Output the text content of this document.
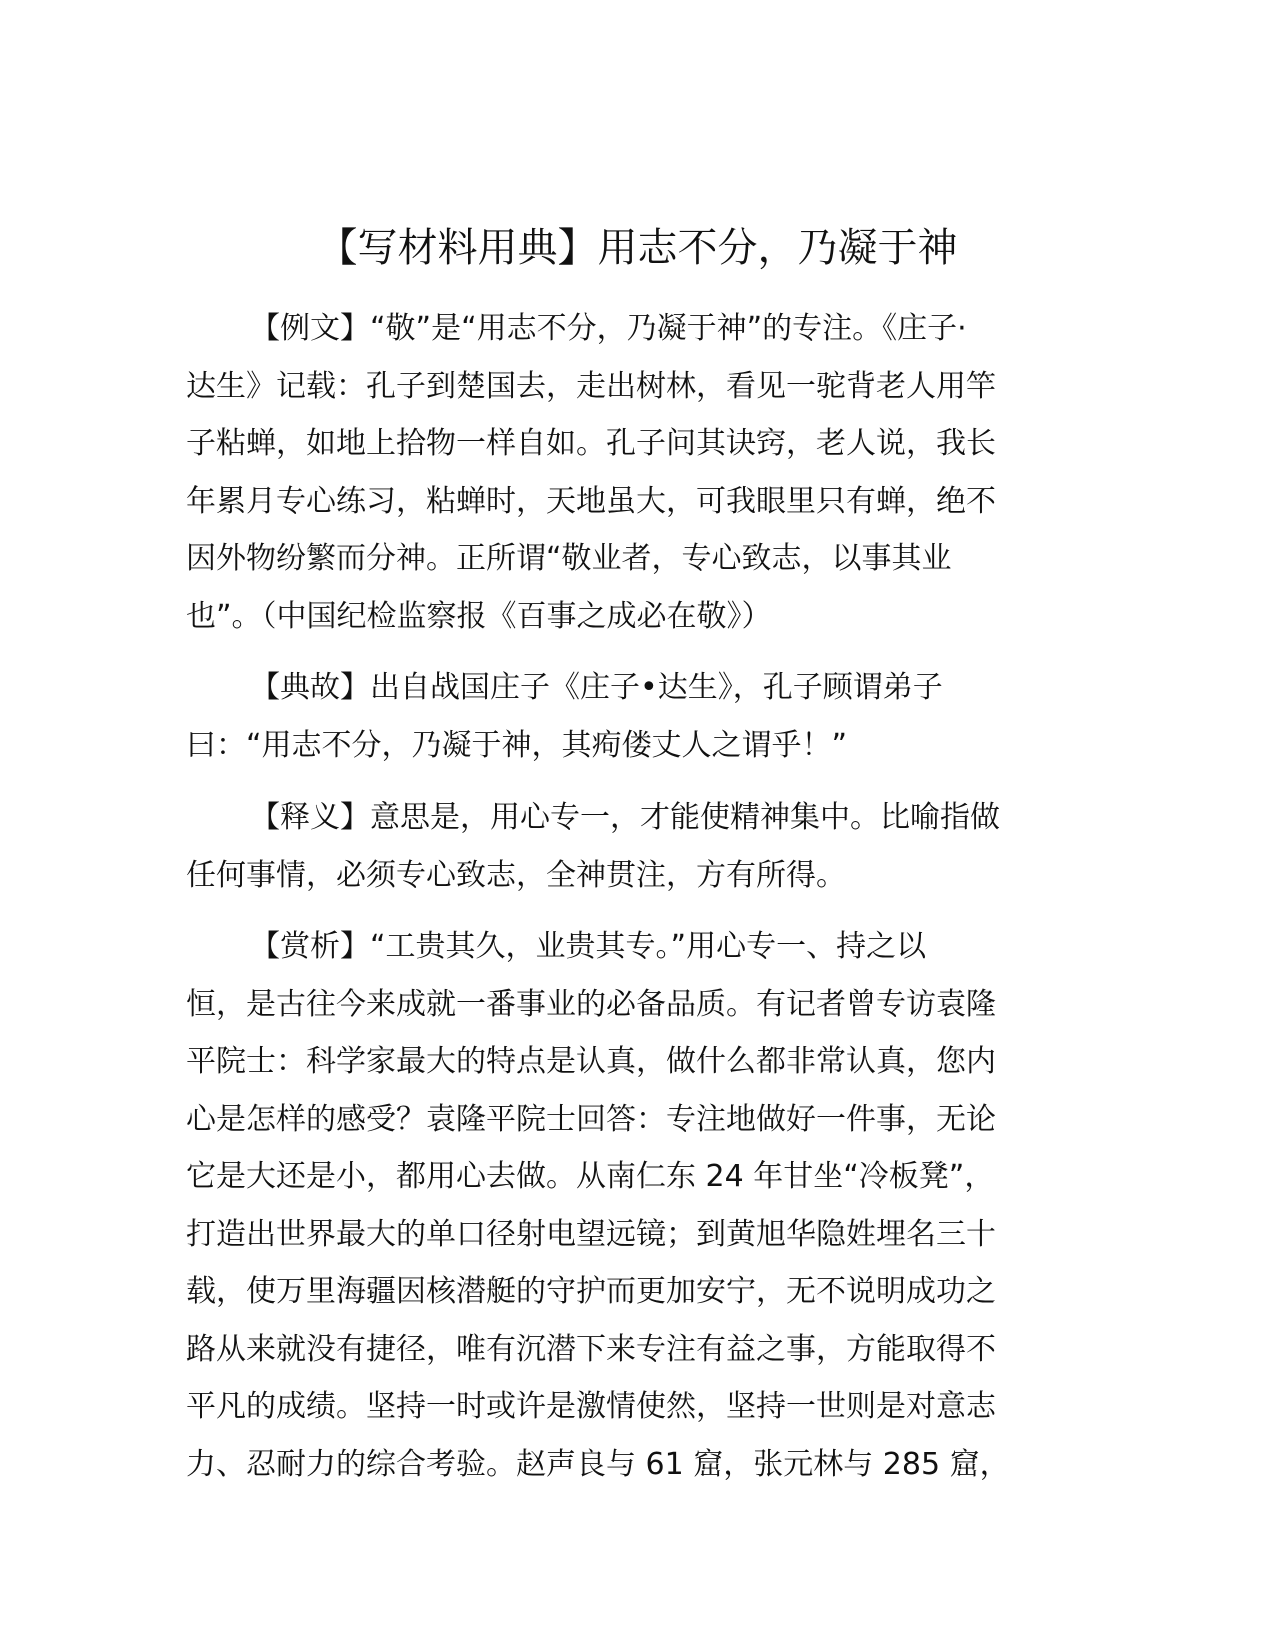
【写材料用典】用志不分，乃凝于神
【例文】“敬”是“用志不分，乃凝于神”的专注。《庄子·
达生》记载：孔子到楚国去，走出树林，看见一驼背老人用竿
子粘蝉，如地上拾物一样自如。孔子问其诀窍，老人说，我长
年累月专心练习，粘蝉时，天地虽大，可我眼里只有蝉，绝不
因外物纷繁而分神。正所谓“敬业者，专心致志，以事其业
也”。（中国纪检监察报《百事之成必在敬》）
【典故】出自战国庄子《庄子•达生》，孔子顾谓弟子
曰：“用志不分，乃凝于神，其痀偻丈人之谓乎！”
【释义】意思是，用心专一，才能使精神集中。比喻指做
任何事情，必须专心致志，全神贯注，方有所得。
【赏析】“工贵其久，业贵其专。”用心专一、持之以
恒，是古往今来成就一番事业的必备品质。有记者曾专访袁隆
平院士：科学家最大的特点是认真，做什么都非常认真，您内
心是怎样的感受？袁隆平院士回答：专注地做好一件事，无论
它是大还是小，都用心去做。从南仁东 24 年甘坐“冷板凳”，
打造出世界最大的单口径射电望远镜；到黄旭华隐姓埋名三十
载，使万里海疆因核潜艇的守护而更加安宁，无不说明成功之
路从来就没有捷径，唯有沉潜下来专注有益之事，方能取得不
平凡的成绩。坚持一时或许是激情使然，坚持一世则是对意志
力、忍耐力的综合考验。赵声良与 61 窟，张元林与 285 窟，
